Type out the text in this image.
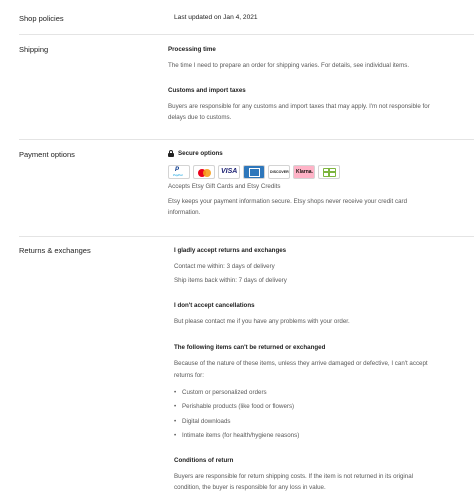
Shop policies	Last updated on Jan 4, 2021
Shipping	Processing time
The time I need to prepare an order for shipping varies. For details, see individual items.
Customs and import taxes
Buyers are responsible for any customs and import taxes that may apply. I'm not responsible for
delays due to customs.
Payment options	Secure options
P
PayPal	VISA	DISCOVER Klarna.
Accepts Etsy Gift Cards and Etsy Credits
Etsy keeps your payment information secure. Etsy shops never receive your credit card
information.
Returns & exchanges	I gladly accept returns and exchanges
Contact me within: 3 days of delivery
Ship items back within: 7 days of delivery
I don't accept cancellations
But please contact me if you have any problems with your order.
The following items can't be returned or exchanged
Because of the nature of these items, unless they arrive damaged or defective, I can't accept
returns for:
• Custom or personalized orders
• Perishable products (like food or flowers)
• Digital downloads
• Intimate items (for health/hygiene reasons)
Conditions of return
Buyers are responsible for return shipping costs. If the item is not returned in its original
condition, the buyer is responsible for any loss in value.
